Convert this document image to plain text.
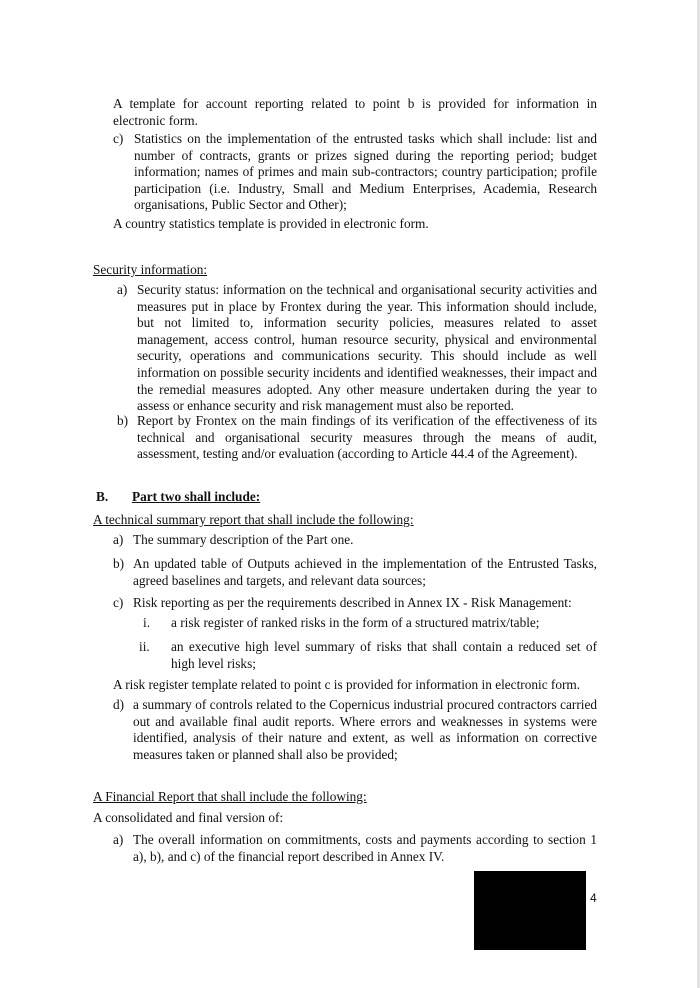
A template for account reporting related to point b is provided for information in electronic form.
c) Statistics on the implementation of the entrusted tasks which shall include: list and number of contracts, grants or prizes signed during the reporting period; budget information; names of primes and main sub-contractors; country participation; profile participation (i.e. Industry, Small and Medium Enterprises, Academia, Research organisations, Public Sector and Other);
A country statistics template is provided in electronic form.
Security information:
a) Security status: information on the technical and organisational security activities and measures put in place by Frontex during the year. This information should include, but not limited to, information security policies, measures related to asset management, access control, human resource security, physical and environmental security, operations and communications security. This should include as well information on possible security incidents and identified weaknesses, their impact and the remedial measures adopted. Any other measure undertaken during the year to assess or enhance security and risk management must also be reported.
b) Report by Frontex on the main findings of its verification of the effectiveness of its technical and organisational security measures through the means of audit, assessment, testing and/or evaluation (according to Article 44.4 of the Agreement).
B. Part two shall include:
A technical summary report that shall include the following:
a) The summary description of the Part one.
b) An updated table of Outputs achieved in the implementation of the Entrusted Tasks, agreed baselines and targets, and relevant data sources;
c) Risk reporting as per the requirements described in Annex IX - Risk Management:
i. a risk register of ranked risks in the form of a structured matrix/table;
ii. an executive high level summary of risks that shall contain a reduced set of high level risks;
A risk register template related to point c is provided for information in electronic form.
d) a summary of controls related to the Copernicus industrial procured contractors carried out and available final audit reports. Where errors and weaknesses in systems were identified, analysis of their nature and extent, as well as information on corrective measures taken or planned shall also be provided;
A Financial Report that shall include the following:
A consolidated and final version of:
a) The overall information on commitments, costs and payments according to section 1 a), b), and c) of the financial report described in Annex IV.
4
